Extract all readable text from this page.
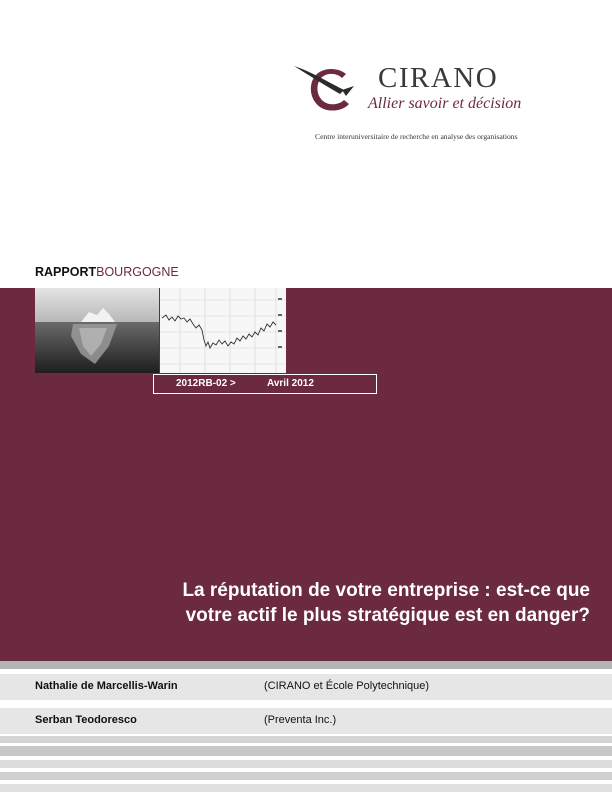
CIRANO
Allier savoir et décision
Centre interuniversitaire de recherche en analyse des organisations
RAPPORTBOURGOGNE
2012RB-02 >	Avril 2012
La réputation de votre entreprise : est-ce que
votre actif le plus stratégique est en danger?
Nathalie de Marcellis-Warin	(CIRANO et École Polytechnique)
Serban Teodoresco	(Preventa Inc.)
